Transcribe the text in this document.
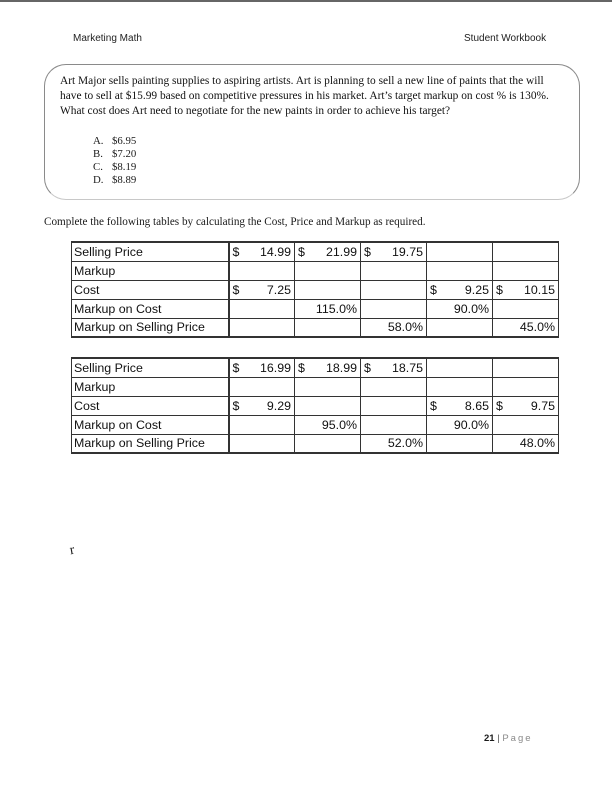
Marketing Math	Student Workbook
Art Major sells painting supplies to aspiring artists. Art is planning to sell a new line of paints that the will have to sell at $15.99 based on competitive pressures in his market. Art’s target markup on cost % is 130%. What cost does Art need to negotiate for the new paints in order to achieve his target?
A. $6.95
B. $7.20
C. $8.19
D. $8.89
Complete the following tables by calculating the Cost, Price and Markup as required.
Selling Price	$ 14.99	$ 21.99	$ 19.75		

Markup					
Cost	$ 7.25			$ 9.25	$ 10.15

Markup on Cost		115.0%		90.0%	

Markup on Selling Price			58.0%		45.0%
Selling Price	$ 16.99	$ 18.99	$ 18.75		

Markup					
Cost	$ 9.29			$ 8.65	$ 9.75

Markup on Cost		95.0%		90.0%	

Markup on Selling Price			52.0%		48.0%
r
21 | Page
